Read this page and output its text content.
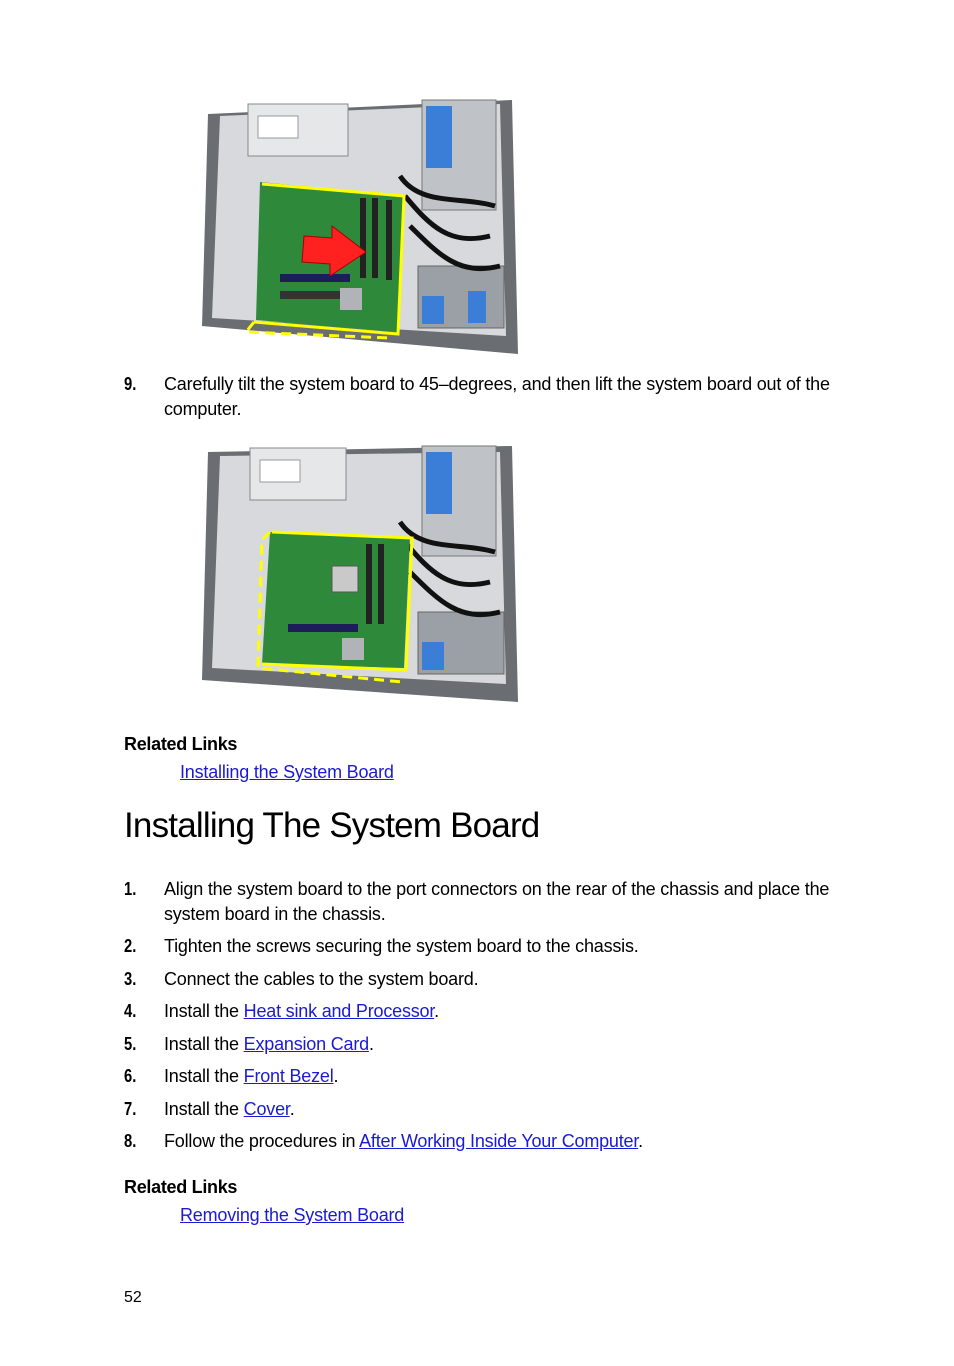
9. Carefully tilt the system board to 45–degrees, and then lift the system board out of the computer.
Related Links
Installing the System Board
Installing The System Board
1. Align the system board to the port connectors on the rear of the chassis and place the system board in the chassis.
2. Tighten the screws securing the system board to the chassis.
3. Connect the cables to the system board.
4. Install the Heat sink and Processor.
5. Install the Expansion Card.
6. Install the Front Bezel.
7. Install the Cover.
8. Follow the procedures in After Working Inside Your Computer.
Related Links
Removing the System Board
52
